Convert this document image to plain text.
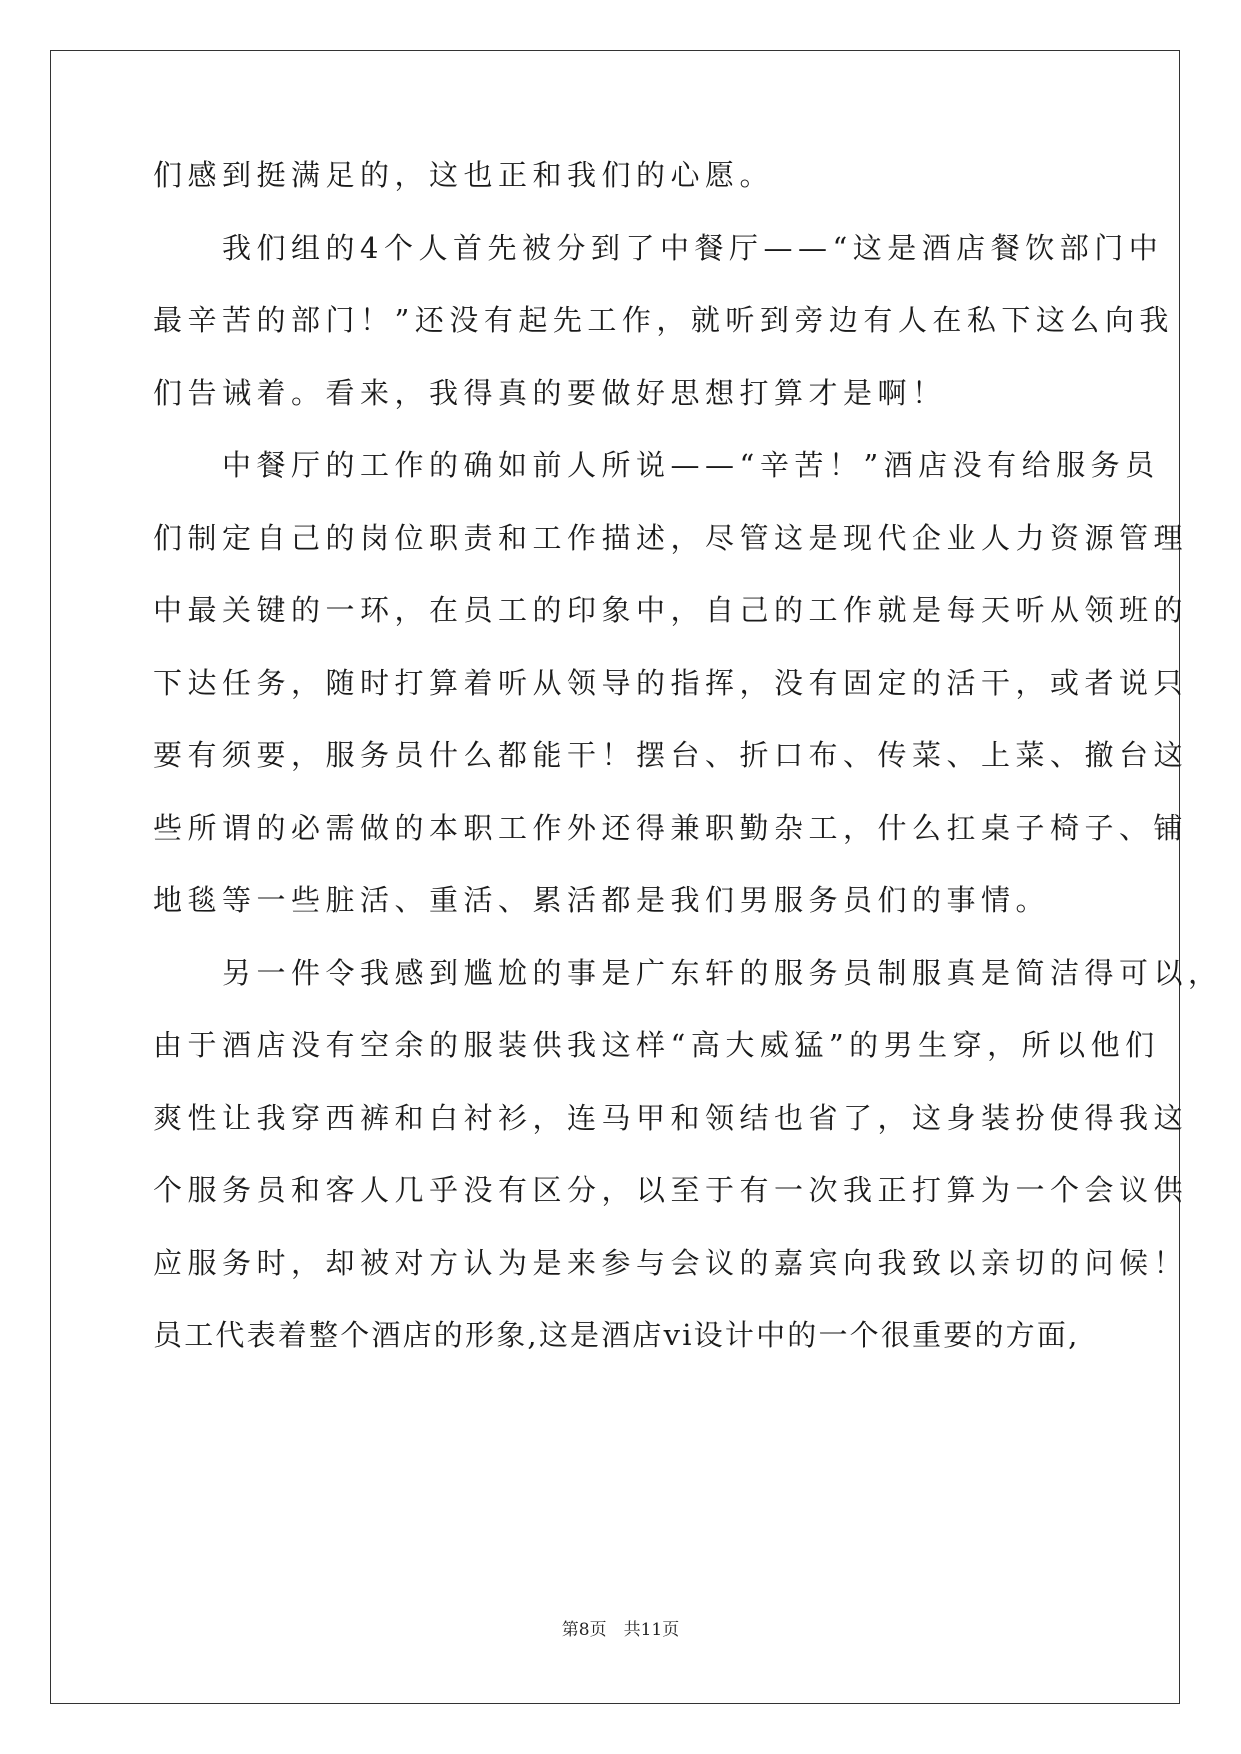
们感到挺满足的，这也正和我们的心愿。
　　我们组的4个人首先被分到了中餐厅——“这是酒店餐饮部门中
最辛苦的部门！”还没有起先工作，就听到旁边有人在私下这么向我
们告诫着。看来，我得真的要做好思想打算才是啊！
　　中餐厅的工作的确如前人所说——“辛苦！”酒店没有给服务员
们制定自己的岗位职责和工作描述，尽管这是现代企业人力资源管理
中最关键的一环，在员工的印象中，自己的工作就是每天听从领班的
下达任务，随时打算着听从领导的指挥，没有固定的活干，或者说只
要有须要，服务员什么都能干！摆台、折口布、传菜、上菜、撤台这
些所谓的必需做的本职工作外还得兼职勤杂工，什么扛桌子椅子、铺
地毯等一些脏活、重活、累活都是我们男服务员们的事情。
　　另一件令我感到尴尬的事是广东轩的服务员制服真是简洁得可以，
由于酒店没有空余的服装供我这样“高大威猛”的男生穿，所以他们
爽性让我穿西裤和白衬衫，连马甲和领结也省了，这身装扮使得我这
个服务员和客人几乎没有区分，以至于有一次我正打算为一个会议供
应服务时，却被对方认为是来参与会议的嘉宾向我致以亲切的问候！
员工代表着整个酒店的形象,这是酒店vi设计中的一个很重要的方面,
第8页　共11页
